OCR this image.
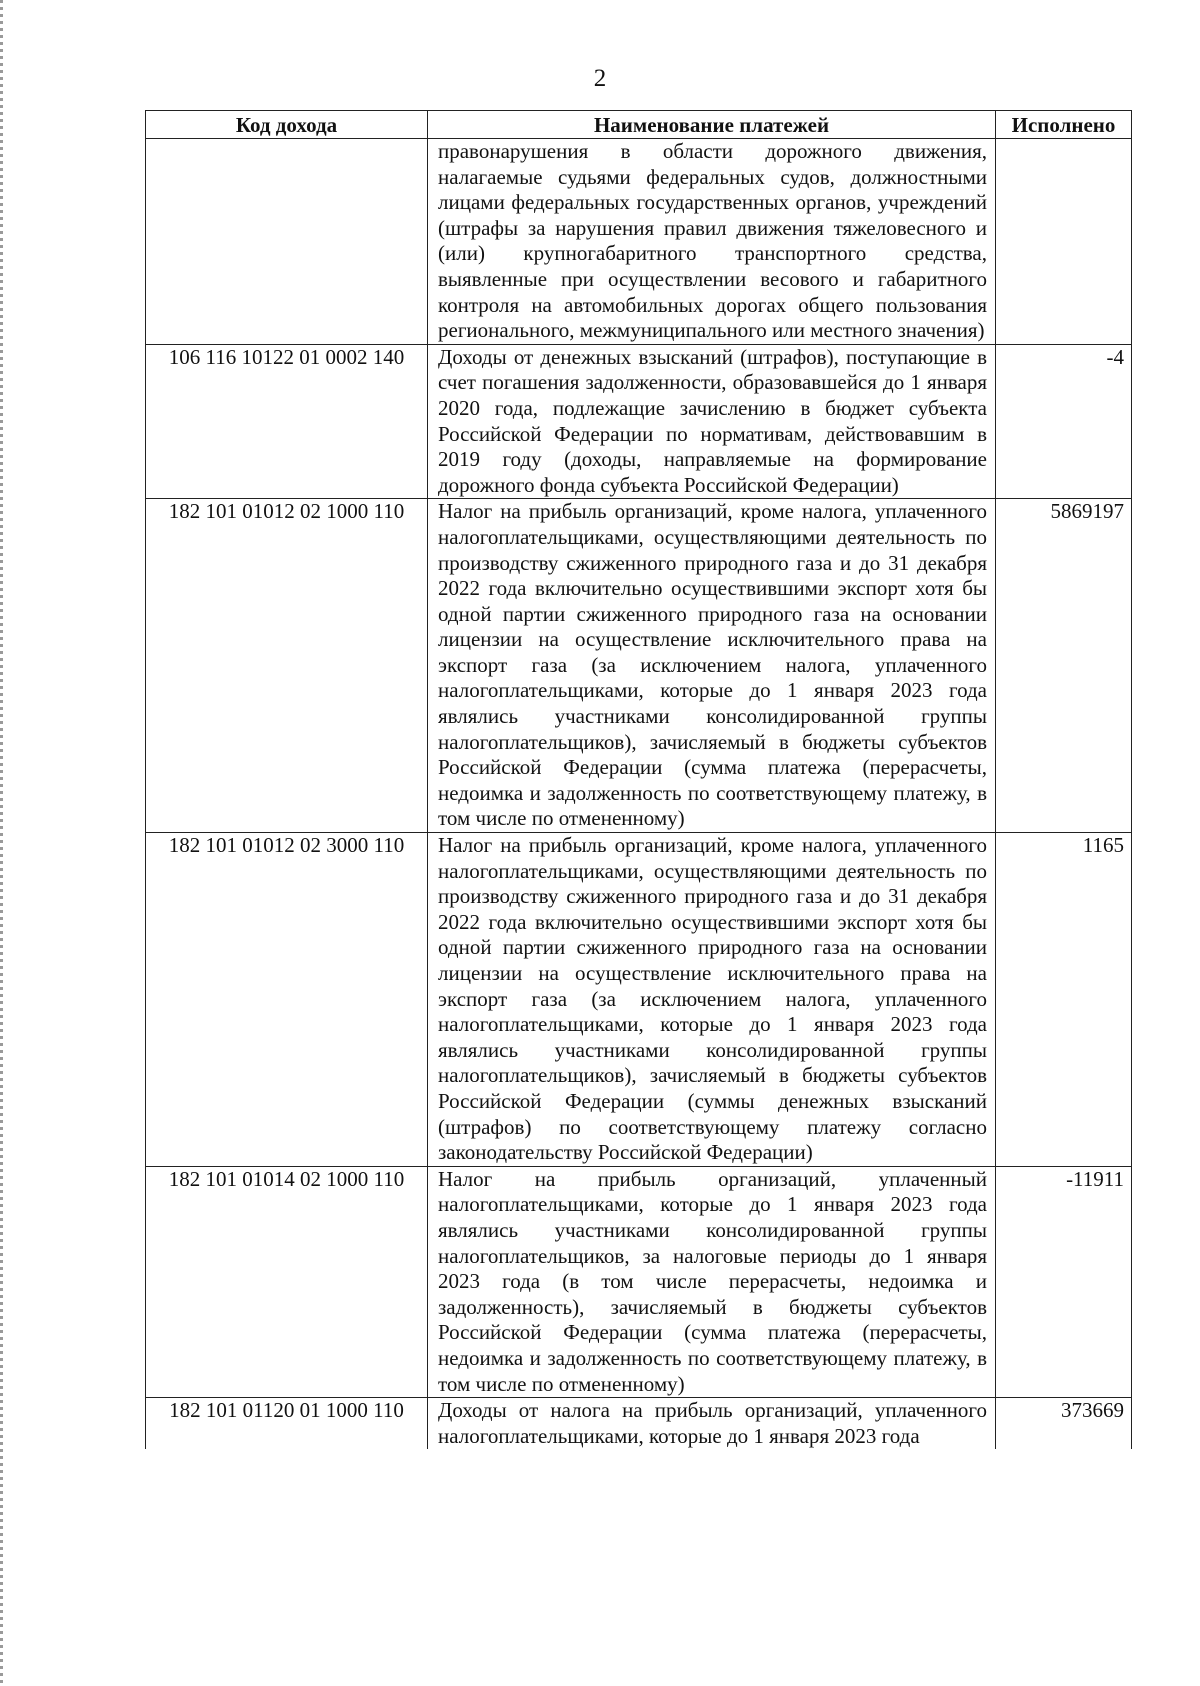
2
Код дохода	Наименование платежей	Исполнено
	правонарушения в области дорожного движения, налагаемые судьями федеральных судов, должностными лицами федеральных государственных органов, учреждений (штрафы за нарушения правил движения тяжеловесного и (или) крупногабаритного транспортного средства, выявленные при осуществлении весового и габаритного контроля на автомобильных дорогах общего пользования регионального, межмуниципального или местного значения)	
106 116 10122 01 0002 140	Доходы от денежных взысканий (штрафов), поступающие в счет погашения задолженности, образовавшейся до 1 января 2020 года, подлежащие зачислению в бюджет субъекта Российской Федерации по нормативам, действовавшим в 2019 году (доходы, направляемые на формирование дорожного фонда субъекта Российской Федерации)	-4
182 101 01012 02 1000 110	Налог на прибыль организаций, кроме налога, уплаченного налогоплательщиками, осуществляющими деятельность по производству сжиженного природного газа и до 31 декабря 2022 года включительно осуществившими экспорт хотя бы одной партии сжиженного природного газа на основании лицензии на осуществление исключительного права на экспорт газа (за исключением налога, уплаченного налогоплательщиками, которые до 1 января 2023 года являлись участниками консолидированной группы налогоплательщиков), зачисляемый в бюджеты субъектов Российской Федерации (сумма платежа (перерасчеты, недоимка и задолженность по соответствующему платежу, в том числе по отмененному)	5869197
182 101 01012 02 3000 110	Налог на прибыль организаций, кроме налога, уплаченного налогоплательщиками, осуществляющими деятельность по производству сжиженного природного газа и до 31 декабря 2022 года включительно осуществившими экспорт хотя бы одной партии сжиженного природного газа на основании лицензии на осуществление исключительного права на экспорт газа (за исключением налога, уплаченного налогоплательщиками, которые до 1 января 2023 года являлись участниками консолидированной группы налогоплательщиков), зачисляемый в бюджеты субъектов Российской Федерации (суммы денежных взысканий (штрафов) по соответствующему платежу согласно законодательству Российской Федерации)	1165
182 101 01014 02 1000 110	Налог на прибыль организаций, уплаченный налогоплательщиками, которые до 1 января 2023 года являлись участниками консолидированной группы налогоплательщиков, за налоговые периоды до 1 января 2023 года (в том числе перерасчеты, недоимка и задолженность), зачисляемый в бюджеты субъектов Российской Федерации (сумма платежа (перерасчеты, недоимка и задолженность по соответствующему платежу, в том числе по отмененному)	-11911
182 101 01120 01 1000 110	Доходы от налога на прибыль организаций, уплаченного налогоплательщиками, которые до 1 января 2023 года	373669
